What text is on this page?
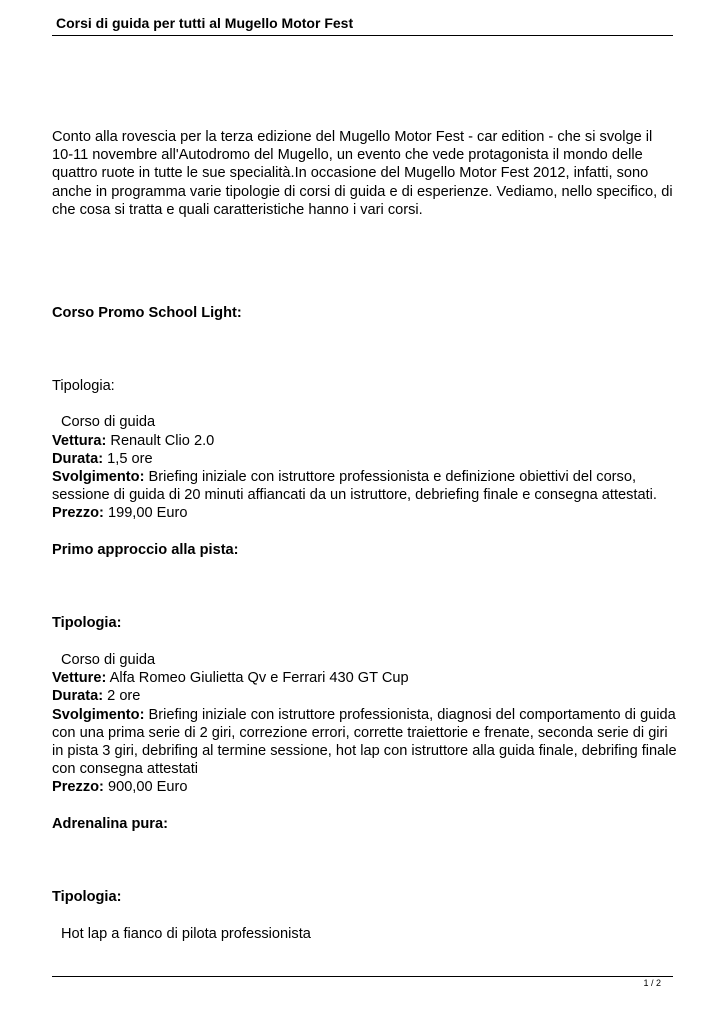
Corsi di guida per tutti al Mugello Motor Fest

Conto alla rovescia per la terza edizione del Mugello Motor Fest - car edition - che si svolge il 10-11 novembre all'Autodromo del Mugello, un evento che vede protagonista il mondo delle quattro ruote in tutte le sue specialità.In occasione del Mugello Motor Fest 2012, infatti, sono anche in programma varie tipologie di corsi di guida e di esperienze. Vediamo, nello specifico, di che cosa si tratta e quali caratteristiche hanno i vari corsi.

Corso Promo School Light:

Tipologia:

Corso di guida

Vettura: Renault Clio 2.0

Durata: 1,5 ore

Svolgimento: Briefing iniziale con istruttore professionista e definizione obiettivi del corso, sessione di guida di 20 minuti affiancati da un istruttore, debriefing finale e consegna attestati.

Prezzo: 199,00 Euro

Primo approccio alla pista:

Tipologia:

Corso di guida

Vetture: Alfa Romeo Giulietta Qv e Ferrari 430 GT Cup

Durata: 2 ore

Svolgimento: Briefing iniziale con istruttore professionista, diagnosi del comportamento di guida con una prima serie di 2 giri, correzione errori, corrette traiettorie e frenate, seconda serie di giri in pista 3 giri, debrifing al termine sessione, hot lap con istruttore alla guida finale, debrifing finale con consegna attestati

Prezzo: 900,00 Euro

Adrenalina pura:

Tipologia:

Hot lap a fianco di pilota professionista

1 / 2
